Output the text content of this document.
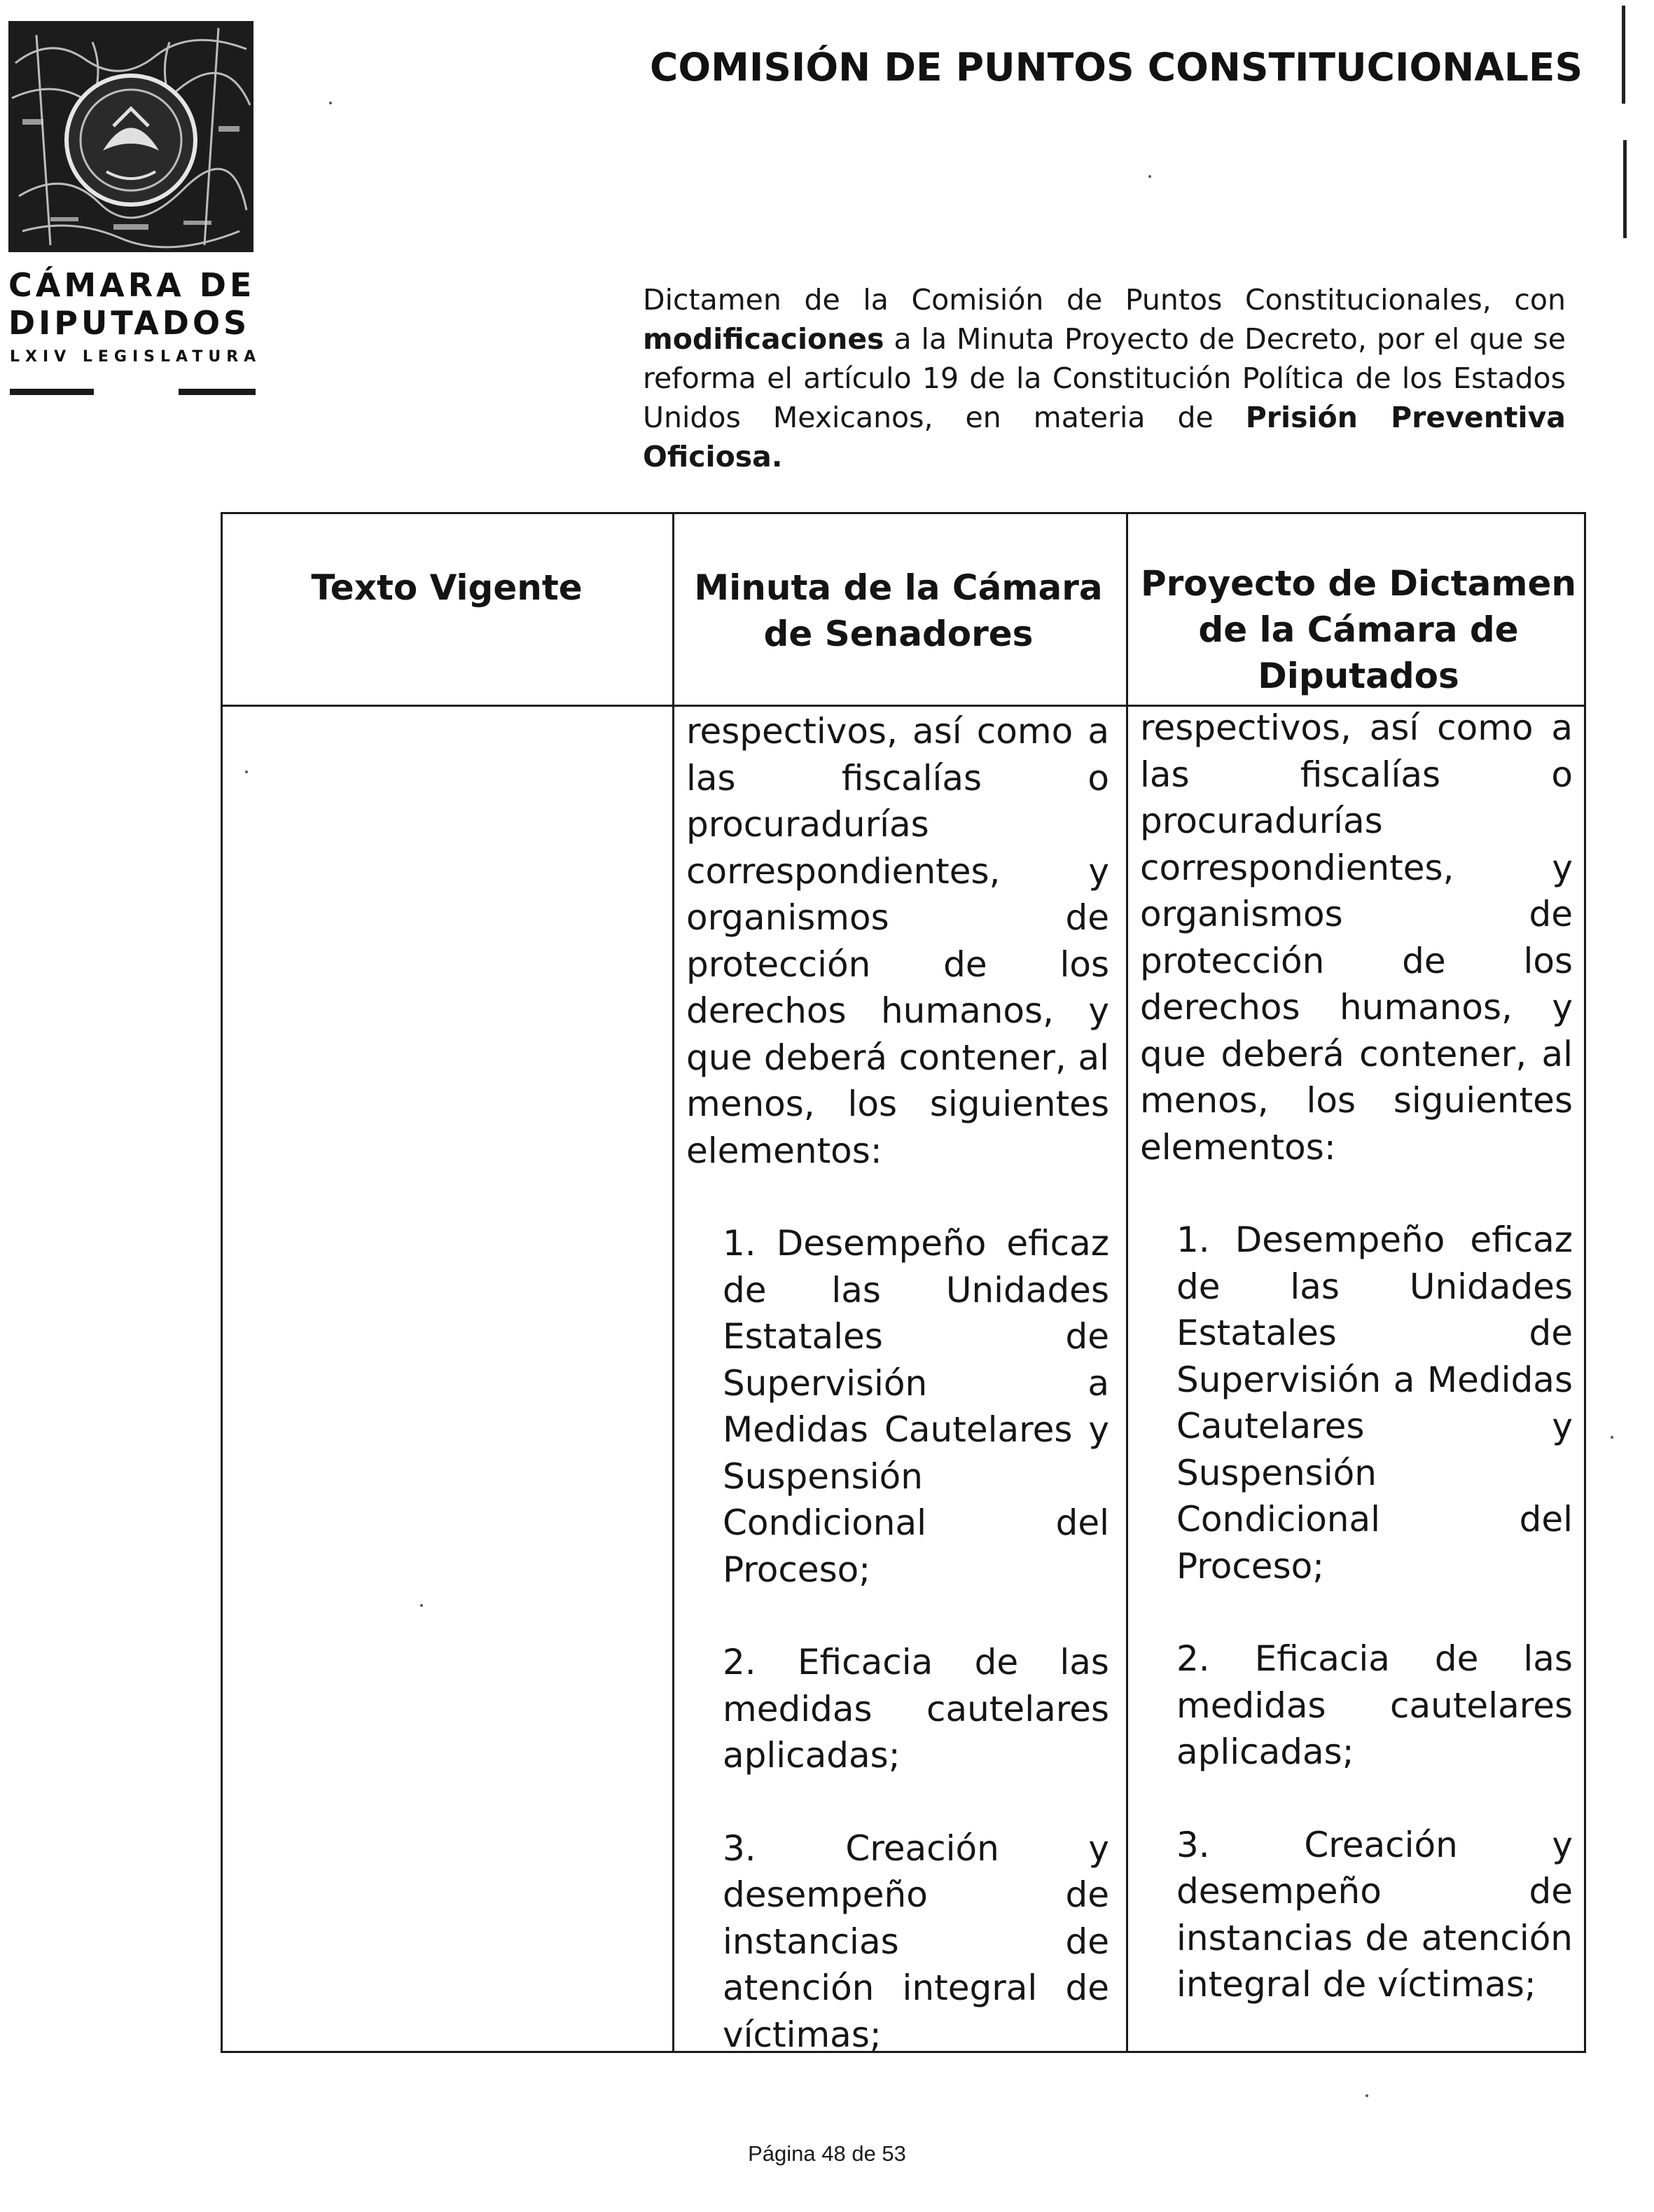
CÁMARA DE
DIPUTADOS
LXIV LEGISLATURA
COMISIÓN DE PUNTOS CONSTITUCIONALES
Dictamen de la Comisión de Puntos Constitucionales, con modificaciones a la Minuta Proyecto de Decreto, por el que se reforma el artículo 19 de la Constitución Política de los Estados Unidos Mexicanos, en materia de Prisión Preventiva Oficiosa.
Texto Vigente	Minuta de la Cámara de Senadores
Proyecto de Dictamen de la Cámara de Diputados

respectivos, así como a las fiscalías o procuradurías correspondientes, y organismos de protección de los derechos humanos, y que deberá contener, al menos, los siguientes elementos:

1. Desempeño eficaz de las Unidades Estatales de Supervisión a Medidas Cautelares y Suspensión Condicional del Proceso;

2. Eficacia de las medidas cautelares aplicadas;

3. Creación y desempeño de instancias de atención integral de víctimas;

respectivos, así como a las fiscalías o procuradurías correspondientes, y organismos de protección de los derechos humanos, y que deberá contener, al menos, los siguientes elementos:

1. Desempeño eficaz de las Unidades Estatales de Supervisión a Medidas Cautelares y Suspensión Condicional del Proceso;

2. Eficacia de las medidas cautelares aplicadas;

3. Creación y desempeño de instancias de atención integral de víctimas;

Página 48 de 53
